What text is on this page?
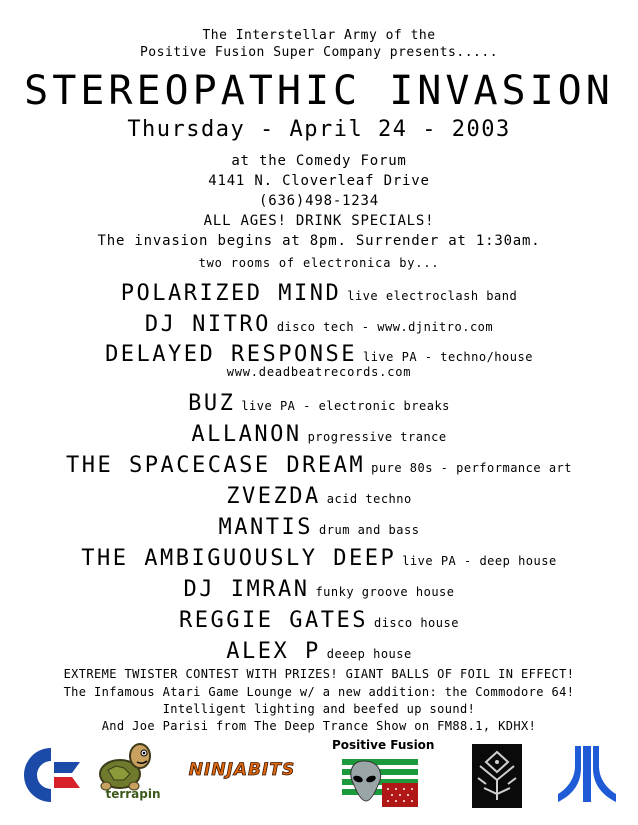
The Interstellar Army of the
Positive Fusion Super Company presents.....
STEREOPATHIC INVASION
Thursday - April 24 - 2003
at the Comedy Forum
4141 N. Cloverleaf Drive
(636)498-1234
ALL AGES! DRINK SPECIALS!
The invasion begins at 8pm. Surrender at 1:30am.
two rooms of electronica by...
POLARIZED MIND live electroclash band
DJ NITRO disco tech - www.djnitro.com
DELAYED RESPONSE live PA - techno/house
www.deadbeatrecords.com
BUZ live PA - electronic breaks
ALLANON progressive trance
THE SPACECASE DREAM pure 80s - performance art
ZVEZDA acid techno
MANTIS drum and bass
THE AMBIGUOUSLY DEEP live PA - deep house
DJ IMRAN funky groove house
REGGIE GATES disco house
ALEX P deeep house
EXTREME TWISTER CONTEST WITH PRIZES! GIANT BALLS OF FOIL IN EFFECT!
The Infamous Atari Game Lounge w/ a new addition: the Commodore 64!
Intelligent lighting and beefed up sound!
And Joe Parisi from The Deep Trance Show on FM88.1, KDHX!
terrapin
NINJABITS
Positive Fusion
